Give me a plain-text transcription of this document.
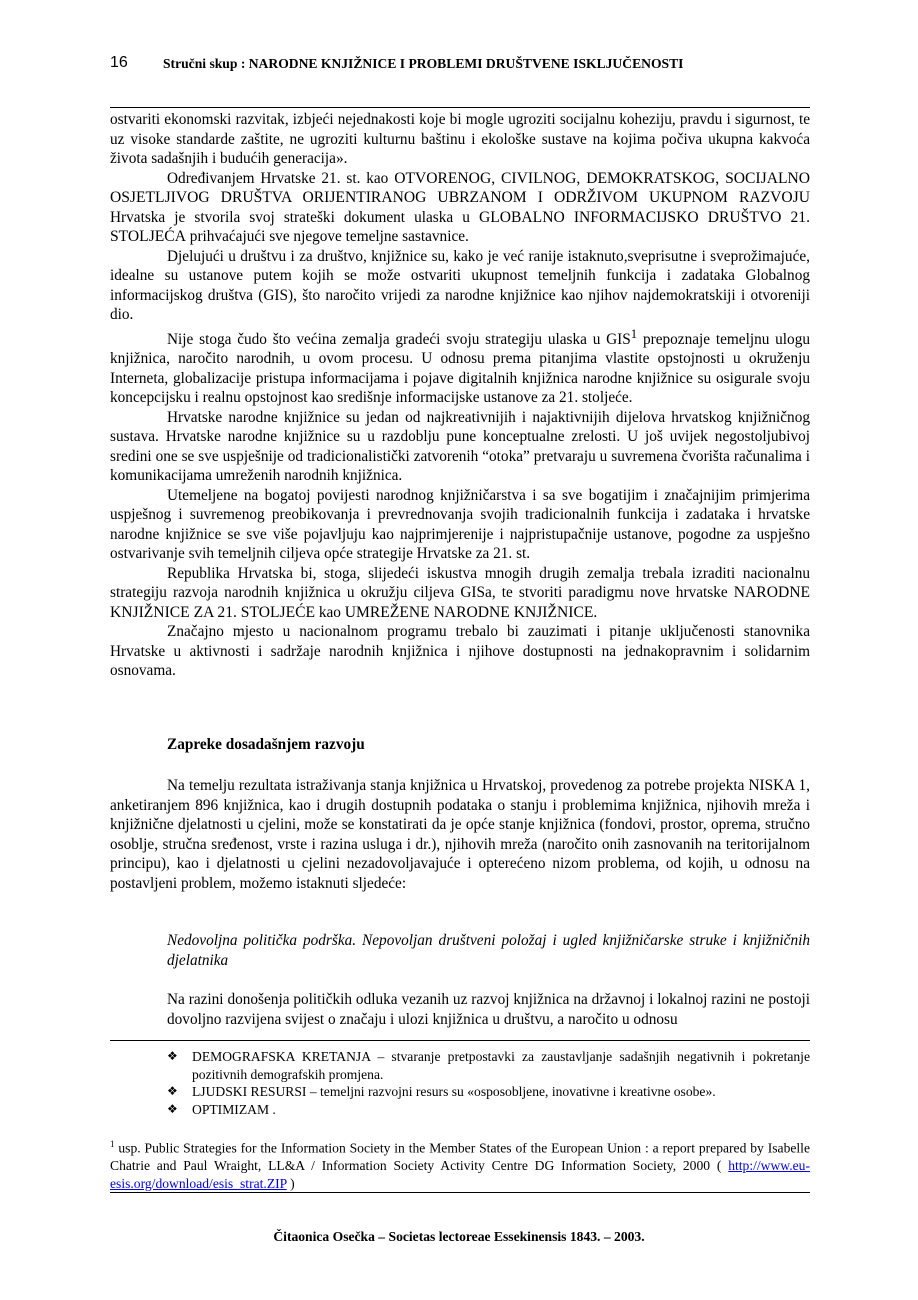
16	Stručni skup : NARODNE KNJIŽNICE I PROBLEMI DRUŠTVENE ISKLJUČENOSTI

ostvariti ekonomski razvitak, izbjeći nejednakosti koje bi mogle ugroziti socijalnu koheziju, pravdu i sigurnost, te uz visoke standarde zaštite, ne ugroziti kulturnu baštinu i ekološke sustave na kojima počiva ukupna kakvoća života sadašnjih i budućih generacija».

Određivanjem Hrvatske 21. st. kao OTVORENOG, CIVILNOG, DEMOKRATSKOG, SOCIJALNO OSJETLJIVOG DRUŠTVA ORIJENTIRANOG UBRZANOM I ODRŽIVOM UKUPNOM RAZVOJU Hrvatska je stvorila svoj strateški dokument ulaska u GLOBALNO INFORMACIJSKO DRUŠTVO 21. STOLJEĆA prihvaćajući sve njegove temeljne sastavnice.

Djelujući u društvu i za društvo, knjižnice su, kako je već ranije istaknuto,sveprisutne i sveprožimajuće, idealne su ustanove putem kojih se može ostvariti ukupnost temeljnih funkcija i zadataka Globalnog informacijskog društva (GIS), što naročito vrijedi za narodne knjižnice kao njihov najdemokratskiji i otvoreniji dio.

Nije stoga čudo što većina zemalja gradeći svoju strategiju ulaska u GIS$^1$ prepoznaje temeljnu ulogu knjižnica, naročito narodnih, u ovom procesu. U odnosu prema pitanjima vlastite opstojnosti u okruženju Interneta, globalizacije pristupa informacijama i pojave digitalnih knjižnica narodne knjižnice su osigurale svoju koncepcijsku i realnu opstojnost kao središnje informacijske ustanove za 21. stoljeće.

Hrvatske narodne knjižnice su jedan od najkreativnijih i najaktivnijih dijelova hrvatskog knjižničnog sustava. Hrvatske narodne knjižnice su u razdoblju pune konceptualne zrelosti. U još uvijek negostoljubivoj sredini one se sve uspješnije od tradicionalistički zatvorenih “otoka” pretvaraju u suvremena čvorišta računalima i komunikacijama umreženih narodnih knjižnica.

Utemeljene na bogatoj povijesti narodnog knjižničarstva i sa sve bogatijim i značajnijim primjerima uspješnog i suvremenog preobikovanja i prevrednovanja svojih tradicionalnih funkcija i zadataka i hrvatske narodne knjižnice se sve više pojavljuju kao najprimjerenije i najpristupačnije ustanove, pogodne za uspješno ostvarivanje svih temeljnih ciljeva opće strategije Hrvatske za 21. st.

Republika Hrvatska bi, stoga, slijedeći iskustva mnogih drugih zemalja trebala izraditi nacionalnu strategiju razvoja narodnih knjižnica u okružju ciljeva GISa, te stvoriti paradigmu nove hrvatske NARODNE KNJIŽNICE ZA 21. STOLJEĆE kao UMREŽENE NARODNE KNJIŽNICE.

Značajno mjesto u nacionalnom programu trebalo bi zauzimati i pitanje uključenosti stanovnika Hrvatske u aktivnosti i sadržaje narodnih knjižnica i njihove dostupnosti na jednakopravnim i solidarnim osnovama.

Zapreke dosadašnjem razvoju

Na temelju rezultata istraživanja stanja knjižnica u Hrvatskoj, provedenog za potrebe projekta NISKA 1, anketiranjem 896 knjižnica, kao i drugih dostupnih podataka o stanju i problemima knjižnica, njihovih mreža i knjižnične djelatnosti u cjelini, može se konstatirati da je opće stanje knjižnica (fondovi, prostor, oprema, stručno osoblje, stručna sređenost, vrste i razina usluga i dr.), njihovih mreža (naročito onih zasnovanih na teritorijalnom principu), kao i djelatnosti u cjelini nezadovoljavajuće i opterećeno nizom problema, od kojih, u odnosu na postavljeni problem, možemo istaknuti sljedeće:

Nedovoljna politička podrška. Nepovoljan društveni položaj i ugled knjižničarske struke i knjižničnih djelatnika
Na razini donošenja političkih odluka vezanih uz razvoj knjižnica na državnoj i lokalnoj razini ne postoji dovoljno razvijena svijest o značaju i ulozi knjižnica u društvu, a naročito u odnosu
❖ DEMOGRAFSKA KRETANJA – stvaranje pretpostavki za zaustavljanje sadašnjih negativnih i pokretanje pozitivnih demografskih promjena.
❖ LJUDSKI RESURSI – temeljni razvojni resurs su «osposobljene, inovativne i kreativne osobe».
❖ OPTIMIZAM .
$^1$ usp. Public Strategies for the Information Society in the Member States of the European Union : a report prepared by Isabelle Chatrie and Paul Wraight, LL&A / Information Society Activity Centre DG Information Society, 2000 ( http://www.eu-esis.org/download/esis_strat.ZIP )
Čitaonica Osečka – Societas lectoreae Essekinensis 1843. – 2003.
